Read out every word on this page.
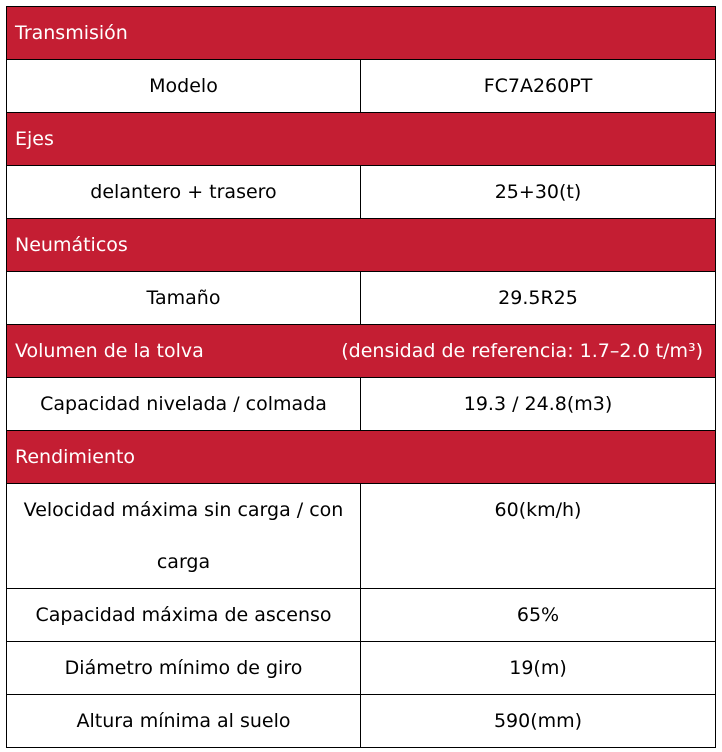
Transmisión	
Modelo	FC7A260PT
Ejes	
delantero + trasero	25+30(t)
Neumáticos	
Tamaño	29.5R25
Volumen de la tolva (densidad de referencia: 1.7–2.0 t/m³)	

Capacidad nivelada / colmada	19.3 / 24.8(m3)
Rendimiento	
Velocidad máxima sin carga / con carga	60(km/h)
Capacidad máxima de ascenso	65%
Diámetro mínimo de giro	19(m)
Altura mínima al suelo	590(mm)
